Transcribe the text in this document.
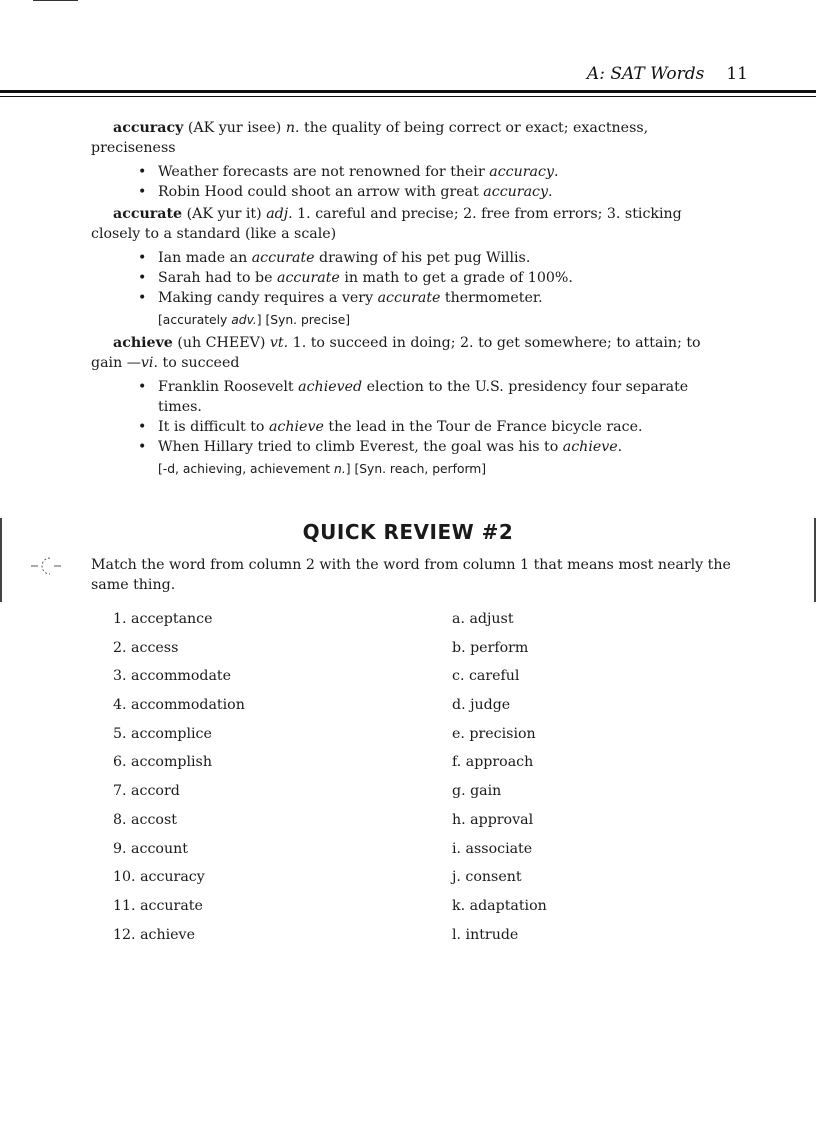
A: SAT Words 11

accuracy (AK yur isee) n. the quality of being correct or exact; exactness, preciseness

• Weather forecasts are not renowned for their accuracy.
• Robin Hood could shoot an arrow with great accuracy.

accurate (AK yur it) adj. 1. careful and precise; 2. free from errors; 3. sticking closely to a standard (like a scale)

• Ian made an accurate drawing of his pet pug Willis.
• Sarah had to be accurate in math to get a grade of 100%.
• Making candy requires a very accurate thermometer.
[accurately adv.] [Syn. precise]

achieve (uh CHEEV) vt. 1. to succeed in doing; 2. to get somewhere; to attain; to gain —vi. to succeed

• Franklin Roosevelt achieved election to the U.S. presidency four separate times.
• It is difficult to achieve the lead in the Tour de France bicycle race.
• When Hillary tried to climb Everest, the goal was his to achieve.
[-d, achieving, achievement n.] [Syn. reach, perform]
QUICK REVIEW #2
Match the word from column 2 with the word from column 1 that means most nearly the same thing.
1. acceptance
2. access
3. accommodate
4. accommodation
5. accomplice
6. accomplish
7. accord
8. accost
9. account
10. accuracy
11. accurate
12. achieve
a. adjust
b. perform
c. careful
d. judge
e. precision
f. approach
g. gain
h. approval
i. associate
j. consent
k. adaptation
l. intrude
